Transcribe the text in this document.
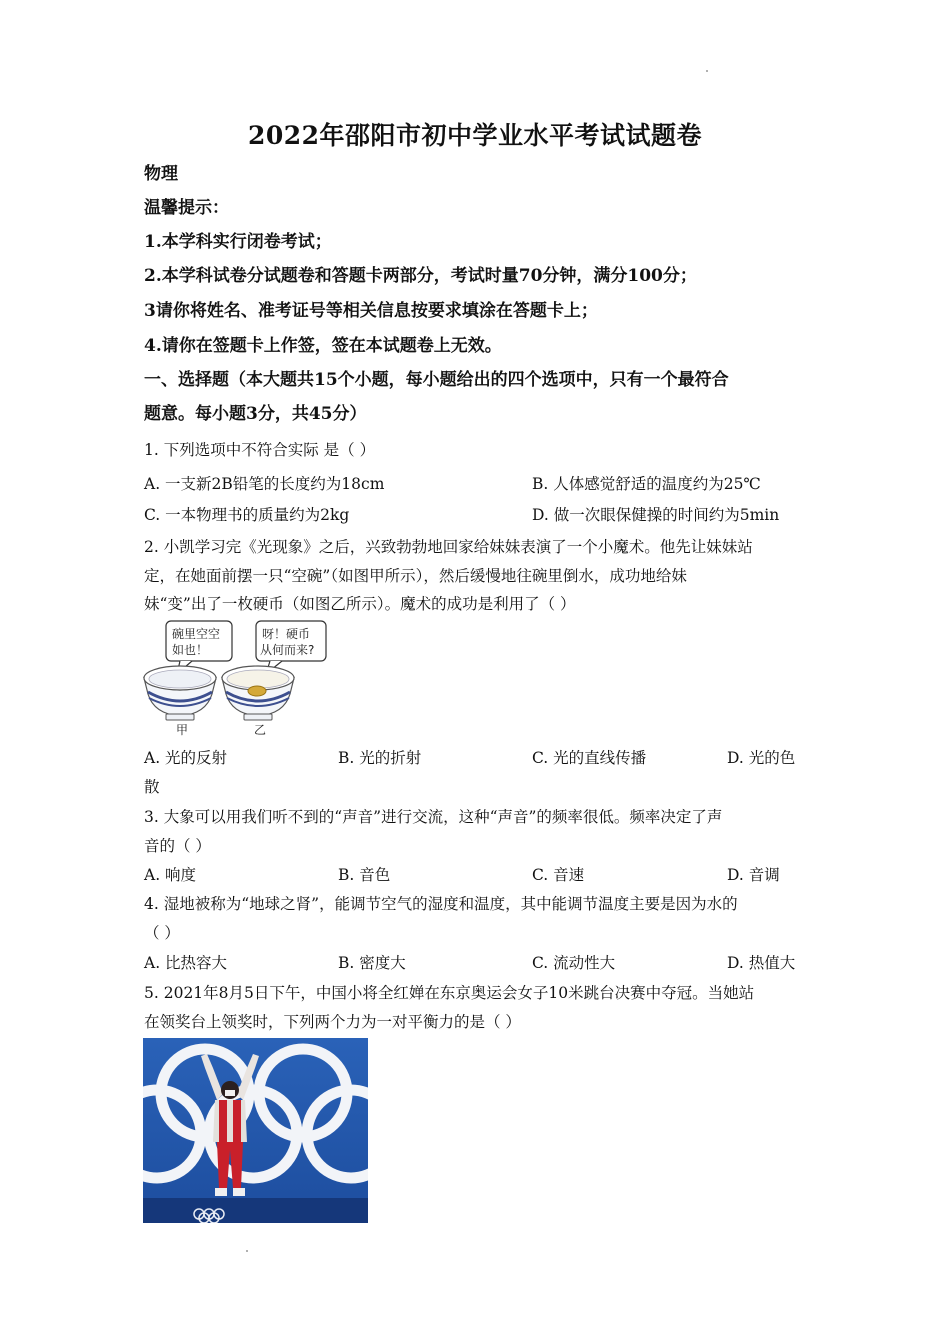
2022年邵阳市初中学业水平考试试题卷
物理
温馨提示：
1.本学科实行闭卷考试；
2.本学科试卷分试题卷和答题卡两部分，考试时量70分钟，满分100分；
3请你将姓名、准考证号等相关信息按要求填涂在答题卡上；
4.请你在签题卡上作签，签在本试题卷上无效。
一、选择题（本大题共15个小题，每小题给出的四个选项中，只有一个最符合
题意。每小题3分，共45分）
1. 下列选项中不符合实际 是（ ）
A. 一支新2B铅笔的长度约为18cm	B. 人体感觉舒适的温度约为25℃
C. 一本物理书的质量约为2kg	D. 做一次眼保健操的时间约为5min
2. 小凯学习完《光现象》之后，兴致勃勃地回家给妹妹表演了一个小魔术。他先让妹妹站
定，在她面前摆一只“空碗”（如图甲所示），然后缓慢地往碗里倒水，成功地给妹
妹“变”出了一枚硬币（如图乙所示）。魔术的成功是利用了（ ）
碗里空空
如也！
呀！硬币
从何而来?
甲	乙
A. 光的反射	B. 光的折射	C. 光的直线传播	D. 光的色
散
3. 大象可以用我们听不到的“声音”进行交流，这种“声音”的频率很低。频率决定了声
音的（ ）
A. 响度	B. 音色	C. 音速	D. 音调
4. 湿地被称为“地球之肾”，能调节空气的湿度和温度，其中能调节温度主要是因为水的
（ ）
A. 比热容大	B. 密度大	C. 流动性大	D. 热值大
5. 2021年8月5日下午，中国小将全红婵在东京奥运会女子10米跳台决赛中夺冠。当她站
在领奖台上领奖时，下列两个力为一对平衡力的是（ ）
